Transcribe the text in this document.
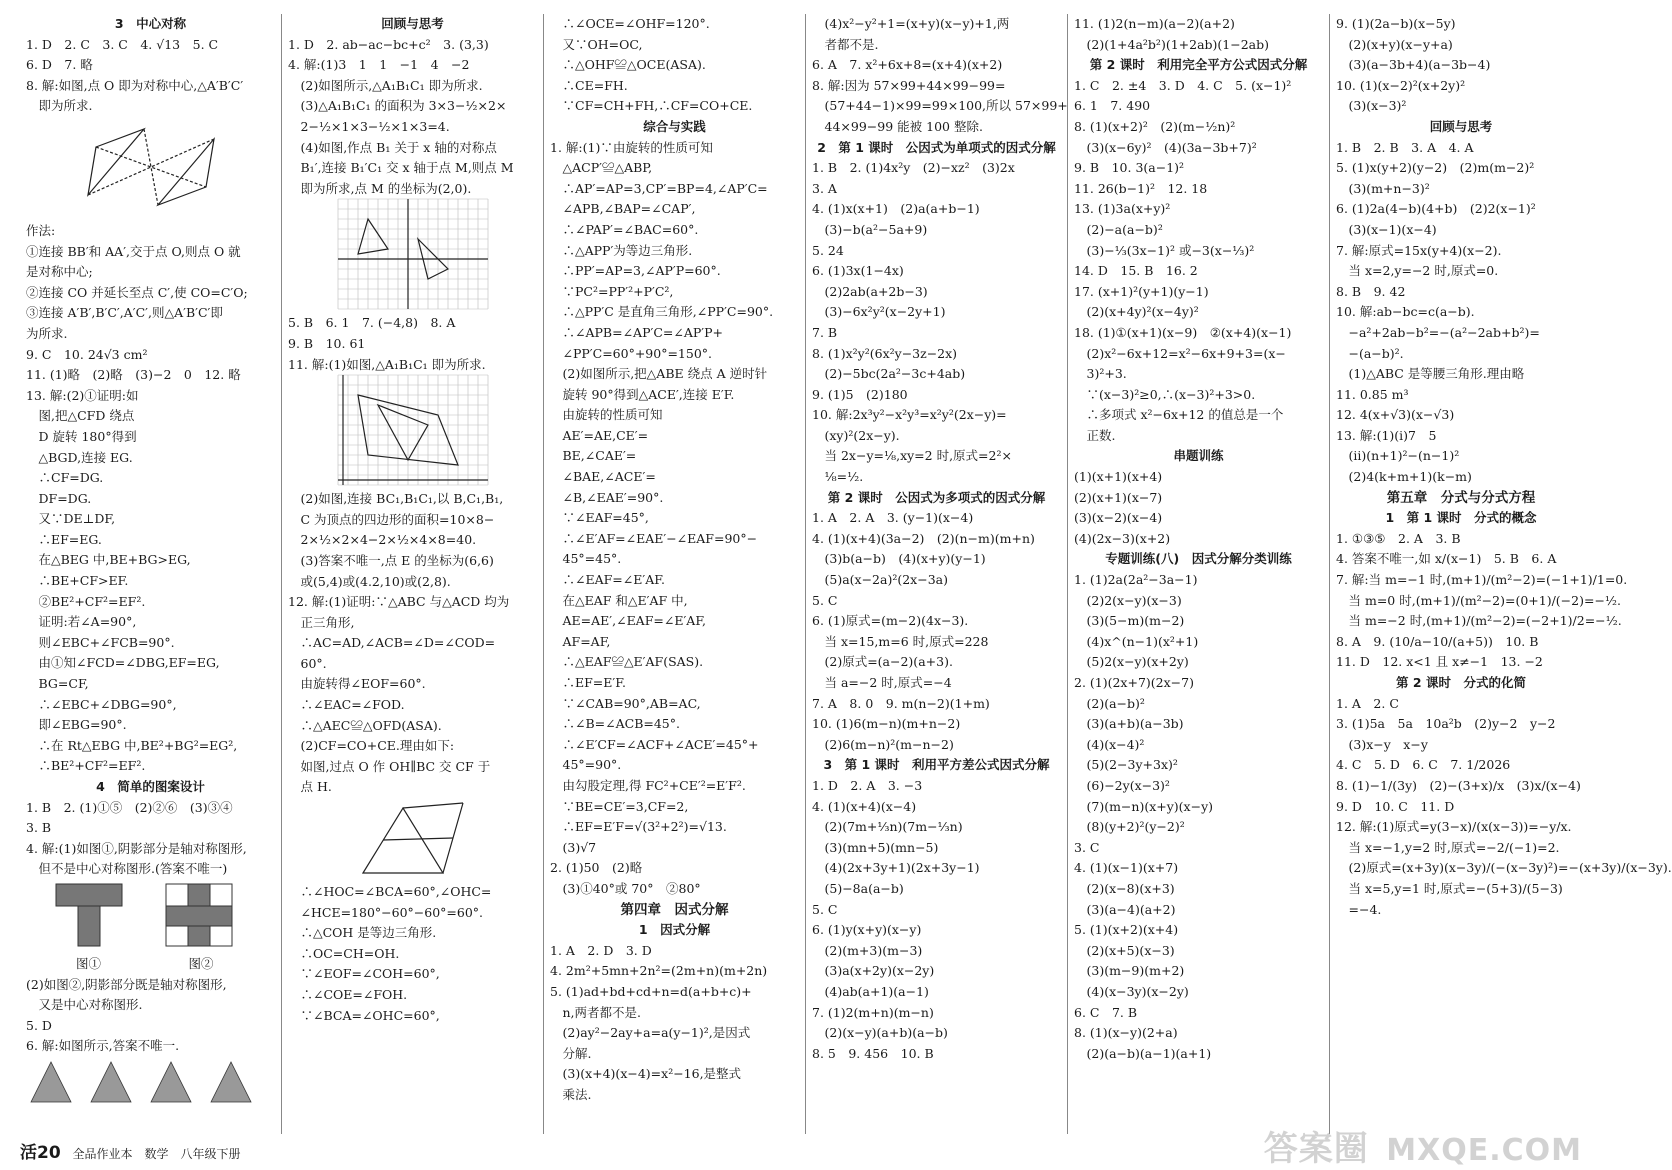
3　中心对称
1. D　2. C　3. C　4. √13　5. C
6. D　7. 略
8. 解:如图,点 O 即为对称中心,△A′B′C′
　即为所求.
作法:
①连接 BB′和 AA′,交于点 O,则点 O 就
是对称中心;
②连接 CO 并延长至点 C′,使 CO=C′O;
③连接 A′B′,B′C′,A′C′,则△A′B′C′即
为所求.
9. C　10. 24√3 cm²
11. (1)略　(2)略　(3)−2　0　12. 略
13. 解:(2)①证明:如
　图,把△CFD 绕点
　D 旋转 180°得到
　△BGD,连接 EG.
　∴CF=DG.
　DF=DG.
　又∵DE⊥DF,
　∴EF=EG.
　在△BEG 中,BE+BG>EG,
　∴BE+CF>EF.
　②BE²+CF²=EF².
　证明:若∠A=90°,
　则∠EBC+∠FCB=90°.
　由①知∠FCD=∠DBG,EF=EG,
　BG=CF,
　∴∠EBC+∠DBG=90°,
　即∠EBG=90°.
　∴在 Rt△EBG 中,BE²+BG²=EG²,
　∴BE²+CF²=EF².
4　简单的图案设计
1. B　2. (1)①⑤　(2)②⑥　(3)③④
3. B
4. 解:(1)如图①,阴影部分是轴对称图形,
　但不是中心对称图形.(答案不唯一)
　　　　图①　　　　　　　图②
(2)如图②,阴影部分既是轴对称图形,
　又是中心对称图形.
5. D
6. 解:如图所示,答案不唯一.
回顾与思考
1. D　2. ab−ac−bc+c²　3. (3,3)
4. 解:(1)3　1　1　−1　4　−2
　(2)如图所示,△A₁B₁C₁ 即为所求.
　(3)△A₁B₁C₁ 的面积为 3×3−½×2×
　2−½×1×3−½×1×3=4.
　(4)如图,作点 B₁ 关于 x 轴的对称点
　B₁′,连接 B₁′C₁ 交 x 轴于点 M,则点 M
　即为所求,点 M 的坐标为(2,0).
5. B　6. 1　7. (−4,8)　8. A
9. B　10. 61
11. 解:(1)如图,△A₁B₁C₁ 即为所求.
　(2)如图,连接 BC₁,B₁C₁,以 B,C₁,B₁,
　C 为顶点的四边形的面积=10×8−
　2×½×2×4−2×½×4×8=40.
　(3)答案不唯一,点 E 的坐标为(6,6)
　或(5,4)或(4.2,10)或(2,8).
12. 解:(1)证明:∵△ABC 与△ACD 均为
　正三角形,
　∴AC=AD,∠ACB=∠D=∠COD=
　60°.
　由旋转得∠EOF=60°.
　∴∠EAC=∠FOD.
　∴△AEC≌△OFD(ASA).
　(2)CF=CO+CE.理由如下:
　如图,过点 O 作 OH∥BC 交 CF 于
　点 H.
　∴∠HOC=∠BCA=60°,∠OHC=
　∠HCE=180°−60°−60°=60°.
　∴△COH 是等边三角形.
　∴OC=CH=OH.
　∵∠EOF=∠COH=60°,
　∴∠COE=∠FOH.
　∵∠BCA=∠OHC=60°,
　∴∠OCE=∠OHF=120°.
　又∵OH=OC,
　∴△OHF≌△OCE(ASA).
　∴CE=FH.
　∵CF=CH+FH,∴CF=CO+CE.
综合与实践
1. 解:(1)∵由旋转的性质可知
　△ACP′≌△ABP,
　∴AP′=AP=3,CP′=BP=4,∠AP′C=
　∠APB,∠BAP=∠CAP′,
　∴∠PAP′=∠BAC=60°.
　∴△APP′为等边三角形.
　∴PP′=AP=3,∠AP′P=60°.
　∵PC²=PP′²+P′C²,
　∴△PP′C 是直角三角形,∠PP′C=90°.
　∴∠APB=∠AP′C=∠AP′P+
　∠PP′C=60°+90°=150°.
　(2)如图所示,把△ABE 绕点 A 逆时针
　旋转 90°得到△ACE′,连接 E′F.
　由旋转的性质可知
　AE′=AE,CE′=
　BE,∠CAE′=
　∠BAE,∠ACE′=
　∠B,∠EAE′=90°.
　∵∠EAF=45°,
　∴∠E′AF=∠EAE′−∠EAF=90°−
　45°=45°.
　∴∠EAF=∠E′AF.
　在△EAF 和△E′AF 中,
　AE=AE′,∠EAF=∠E′AF,
　AF=AF,
　∴△EAF≌△E′AF(SAS).
　∴EF=E′F.
　∵∠CAB=90°,AB=AC,
　∴∠B=∠ACB=45°.
　∴∠E′CF=∠ACF+∠ACE′=45°+
　45°=90°.
　由勾股定理,得 FC²+CE′²=E′F².
　∵BE=CE′=3,CF=2,
　∴EF=E′F=√(3²+2²)=√13.
　(3)√7
2. (1)50　(2)略
　(3)①40°或 70°　②80°
第四章　因式分解
1　因式分解
1. A　2. D　3. D
4. 2m²+5mn+2n²=(2m+n)(m+2n)
5. (1)ad+bd+cd+n=d(a+b+c)+
　n,两者都不是.
　(2)ay²−2ay+a=a(y−1)²,是因式
　分解.
　(3)(x+4)(x−4)=x²−16,是整式
　乘法.
　(4)x²−y²+1=(x+y)(x−y)+1,两
　者都不是.
6. A　7. x²+6x+8=(x+4)(x+2)
8. 解:因为 57×99+44×99−99=
　(57+44−1)×99=99×100,所以 57×99+
　44×99−99 能被 100 整除.
2　第 1 课时　公因式为单项式的因式分解
1. B　2. (1)4x²y　(2)−xz²　(3)2x
3. A
4. (1)x(x+1)　(2)a(a+b−1)
　(3)−b(a²−5a+9)
5. 24
6. (1)3x(1−4x)
　(2)2ab(a+2b−3)
　(3)−6x²y²(x−2y+1)
7. B
8. (1)x²y²(6x²y−3z−2x)
　(2)−5bc(2a²−3c+4ab)
9. (1)5　(2)180
10. 解:2x³y²−x²y³=x²y²(2x−y)=
　(xy)²(2x−y).
　当 2x−y=⅛,xy=2 时,原式=2²×
　⅛=½.
第 2 课时　公因式为多项式的因式分解
1. A　2. A　3. (y−1)(x−4)
4. (1)(x+4)(3a−2)　(2)(n−m)(m+n)
　(3)b(a−b)　(4)(x+y)(y−1)
　(5)a(x−2a)²(2x−3a)
5. C
6. (1)原式=(m−2)(4x−3).
　当 x=15,m=6 时,原式=228
　(2)原式=(a−2)(a+3).
　当 a=−2 时,原式=−4
7. A　8. 0　9. m(n−2)(1+m)
10. (1)6(m−n)(m+n−2)
　(2)6(m−n)²(m−n−2)
3　第 1 课时　利用平方差公式因式分解
1. D　2. A　3. −3
4. (1)(x+4)(x−4)
　(2)(7m+⅓n)(7m−⅓n)
　(3)(mn+5)(mn−5)
　(4)(2x+3y+1)(2x+3y−1)
　(5)−8a(a−b)
5. C
6. (1)y(x+y)(x−y)
　(2)(m+3)(m−3)
　(3)a(x+2y)(x−2y)
　(4)ab(a+1)(a−1)
7. (1)2(m+n)(m−n)
　(2)(x−y)(a+b)(a−b)
8. 5　9. 456　10. B
11. (1)2(n−m)(a−2)(a+2)
　(2)(1+4a²b²)(1+2ab)(1−2ab)
第 2 课时　利用完全平方公式因式分解
1. C　2. ±4　3. D　4. C　5. (x−1)²
6. 1　7. 490
8. (1)(x+2)²　(2)(m−½n)²
　(3)(x−6y)²　(4)(3a−3b+7)²
9. B　10. 3(a−1)²
11. 26(b−1)²　12. 18
13. (1)3a(x+y)²
　(2)−a(a−b)²
　(3)−⅓(3x−1)² 或−3(x−⅓)²
14. D　15. B　16. 2
17. (x+1)²(y+1)(y−1)
　(2)(x+4y)²(x−4y)²
18. (1)①(x+1)(x−9)　②(x+4)(x−1)
　(2)x²−6x+12=x²−6x+9+3=(x−
　3)²+3.
　∵(x−3)²≥0,∴(x−3)²+3>0.
　∴多项式 x²−6x+12 的值总是一个
　正数.
串题训练
(1)(x+1)(x+4)
(2)(x+1)(x−7)
(3)(x−2)(x−4)
(4)(2x−3)(x+2)
专题训练(八)　因式分解分类训练
1. (1)2a(2a²−3a−1)
　(2)2(x−y)(x−3)
　(3)(5−m)(m−2)
　(4)x^(n−1)(x²+1)
　(5)2(x−y)(x+2y)
2. (1)(2x+7)(2x−7)
　(2)(a−b)²
　(3)(a+b)(a−3b)
　(4)(x−4)²
　(5)(2−3y+3x)²
　(6)−2y(x−3)²
　(7)(m−n)(x+y)(x−y)
　(8)(y+2)²(y−2)²
3. C
4. (1)(x−1)(x+7)
　(2)(x−8)(x+3)
　(3)(a−4)(a+2)
5. (1)(x+2)(x+4)
　(2)(x+5)(x−3)
　(3)(m−9)(m+2)
　(4)(x−3y)(x−2y)
6. C　7. B
8. (1)(x−y)(2+a)
　(2)(a−b)(a−1)(a+1)
9. (1)(2a−b)(x−5y)
　(2)(x+y)(x−y+a)
　(3)(a−3b+4)(a−3b−4)
10. (1)(x−2)²(x+2y)²
　(3)(x−3)²
回顾与思考
1. B　2. B　3. A　4. A
5. (1)x(y+2)(y−2)　(2)m(m−2)²
　(3)(m+n−3)²
6. (1)2a(4−b)(4+b)　(2)2(x−1)²
　(3)(x−1)(x−4)
7. 解:原式=15x(y+4)(x−2).
　当 x=2,y=−2 时,原式=0.
8. B　9. 42
10. 解:ab−bc=c(a−b).
　−a²+2ab−b²=−(a²−2ab+b²)=
　−(a−b)².
　(1)△ABC 是等腰三角形.理由略
11. 0.85 m³
12. 4(x+√3)(x−√3)
13. 解:(1)(i)7　5
　(ii)(n+1)²−(n−1)²
　(2)4(k+m+1)(k−m)
第五章　分式与分式方程
1　第 1 课时　分式的概念
1. ①③⑤　2. A　3. B
4. 答案不唯一,如 x/(x−1)　5. B　6. A
7. 解:当 m=−1 时,(m+1)/(m²−2)=(−1+1)/1=0.
　当 m=0 时,(m+1)/(m²−2)=(0+1)/(−2)=−½.
　当 m=−2 时,(m+1)/(m²−2)=(−2+1)/2=−½.
8. A　9. (10/a−10/(a+5))　10. B
11. D　12. x<1 且 x≠−1　13. −2
第 2 课时　分式的化简
1. A　2. C
3. (1)5a　5a　10a²b　(2)y−2　y−2
　(3)x−y　x−y
4. C　5. D　6. C　7. 1/2026
8. (1)−1/(3y)　(2)−(3+x)/x　(3)x/(x−4)
9. D　10. C　11. D
12. 解:(1)原式=y(3−x)/(x(x−3))=−y/x.
　当 x=−1,y=2 时,原式=−2/(−1)=2.
　(2)原式=(x+3y)(x−3y)/(−(x−3y)²)=−(x+3y)/(x−3y).
　当 x=5,y=1 时,原式=−(5+3)/(5−3)
　=−4.
活20 全品作业本　数学　八年级下册	答案圈 MXQE.COM
